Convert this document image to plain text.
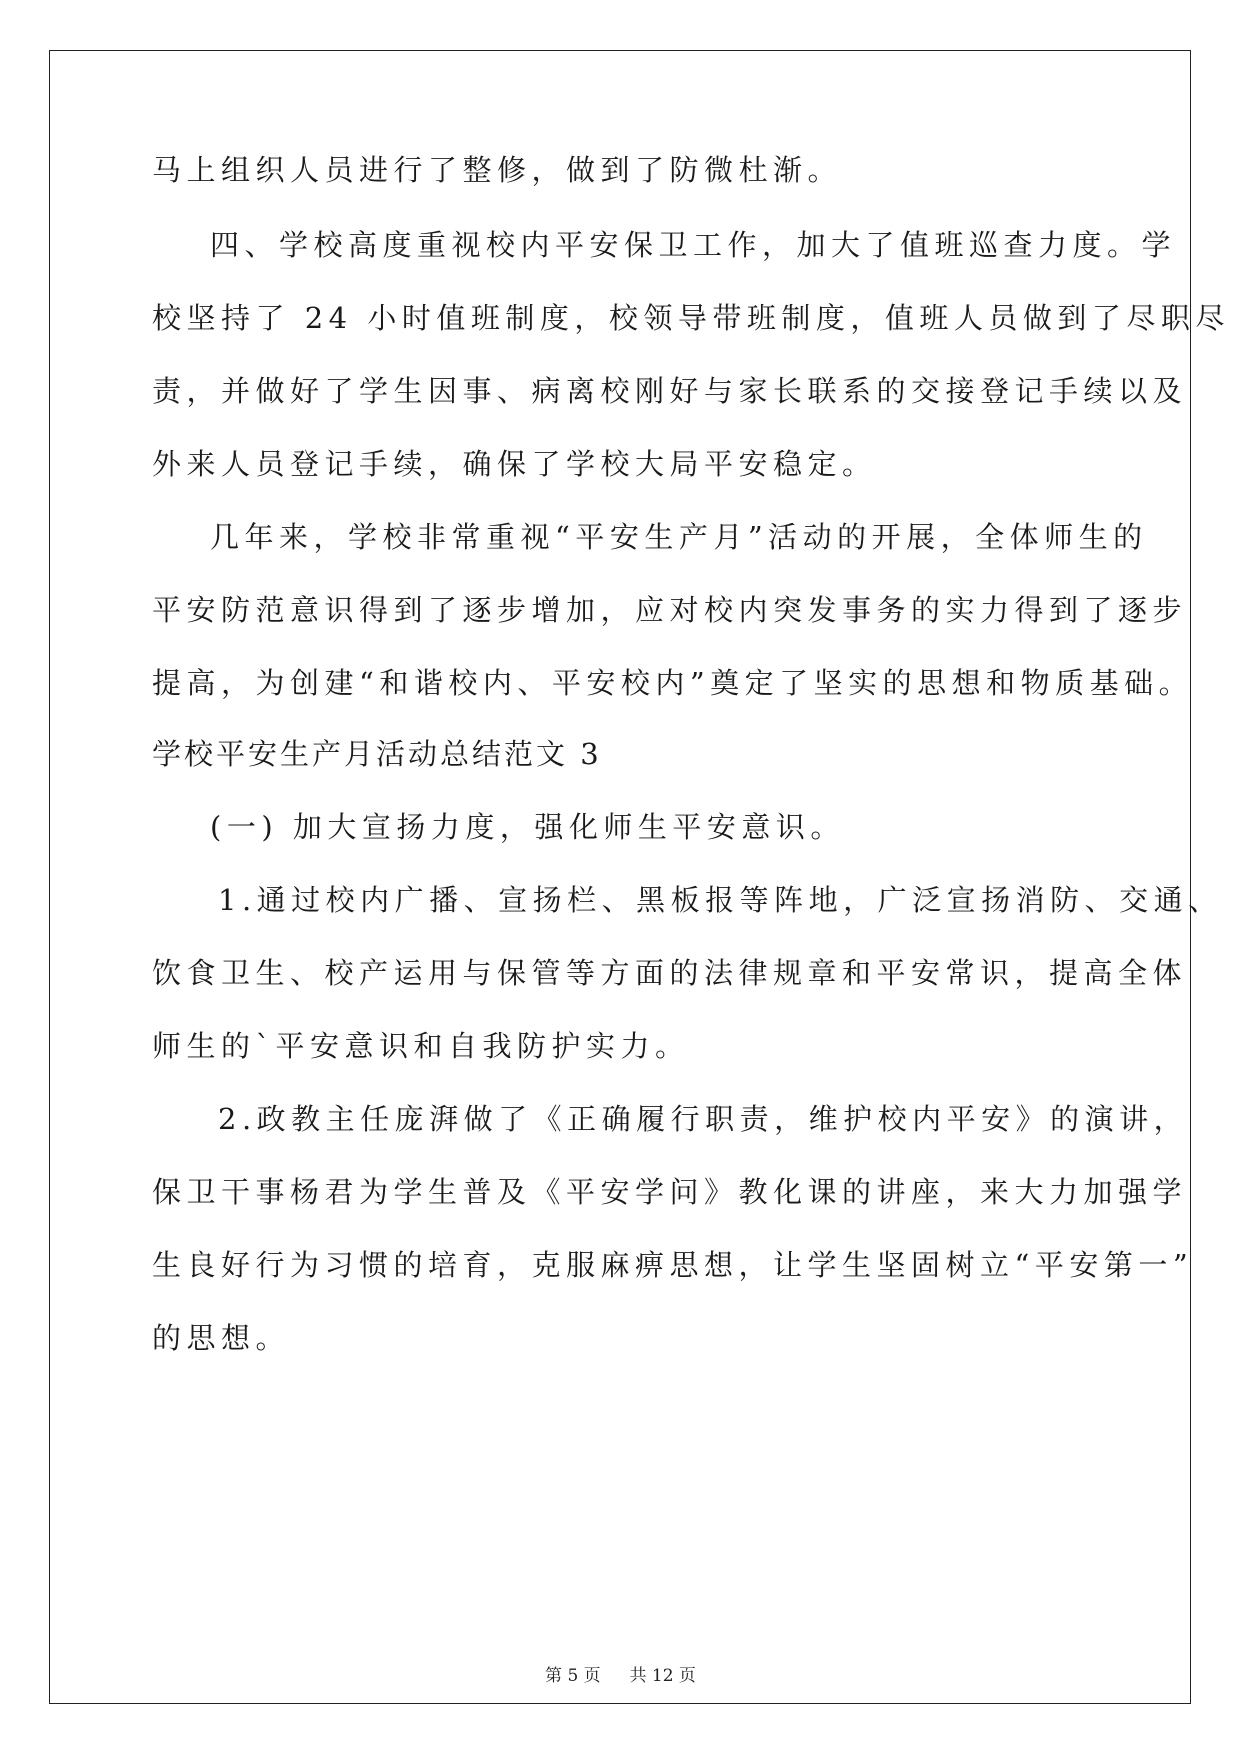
马上组织人员进行了整修，做到了防微杜渐。
四、学校高度重视校内平安保卫工作，加大了值班巡查力度。学
校坚持了 24 小时值班制度，校领导带班制度，值班人员做到了尽职尽
责，并做好了学生因事、病离校刚好与家长联系的交接登记手续以及
外来人员登记手续，确保了学校大局平安稳定。
几年来，学校非常重视“平安生产月”活动的开展，全体师生的
平安防范意识得到了逐步增加，应对校内突发事务的实力得到了逐步
提高，为创建“和谐校内、平安校内”奠定了坚实的思想和物质基础。
学校平安生产月活动总结范文 3
(一) 加大宣扬力度，强化师生平安意识。
1.通过校内广播、宣扬栏、黑板报等阵地，广泛宣扬消防、交通、
饮食卫生、校产运用与保管等方面的法律规章和平安常识，提高全体
师生的`平安意识和自我防护实力。
2.政教主任庞湃做了《正确履行职责，维护校内平安》的演讲，
保卫干事杨君为学生普及《平安学问》教化课的讲座，来大力加强学
生良好行为习惯的培育，克服麻痹思想，让学生坚固树立“平安第一”
的思想。
第 5 页 共 12 页
